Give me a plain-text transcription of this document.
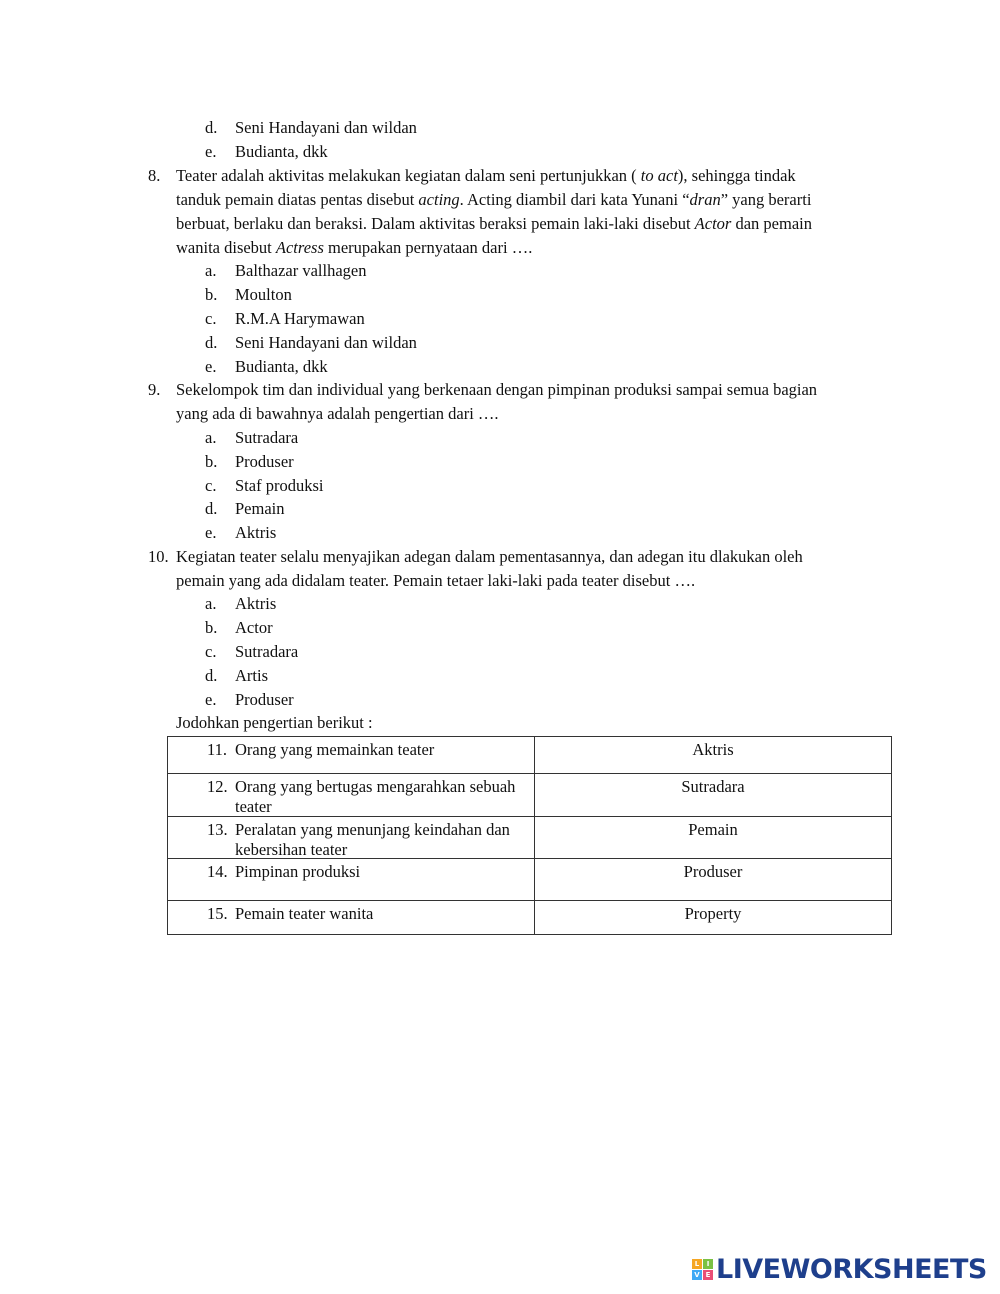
d. Seni Handayani dan wildan
e. Budianta, dkk
8. Teater adalah aktivitas melakukan kegiatan dalam seni pertunjukkan ( to act), sehingga tindak
tanduk pemain diatas pentas disebut acting. Acting diambil dari kata Yunani “dran” yang berarti
berbuat, berlaku dan beraksi. Dalam aktivitas beraksi pemain laki-laki disebut Actor dan pemain
wanita disebut Actress merupakan pernyataan dari ….
a. Balthazar vallhagen
b. Moulton
c. R.M.A Harymawan
d. Seni Handayani dan wildan
e. Budianta, dkk
9. Sekelompok tim dan individual yang berkenaan dengan pimpinan produksi sampai semua bagian
yang ada di bawahnya adalah pengertian dari ….
a. Sutradara
b. Produser
c. Staf produksi
d. Pemain
e. Aktris
10. Kegiatan teater selalu menyajikan adegan dalam pementasannya, dan adegan itu dlakukan oleh
pemain yang ada didalam teater. Pemain tetaer laki-laki pada teater disebut ….
a. Aktris
b. Actor
c. Sutradara
d. Artis
e. Produser
Jodohkan pengertian berikut :
11. Orang yang memainkan teater	Aktris

12. Orang yang bertugas mengarahkan sebuah teater	Sutradara

13. Peralatan yang menunjang keindahan dan kebersihan teater	Pemain

14. Pimpinan produksi	Produser

15. Pemain teater wanita	Property
L	I
V E LIVEWORKSHEETS
